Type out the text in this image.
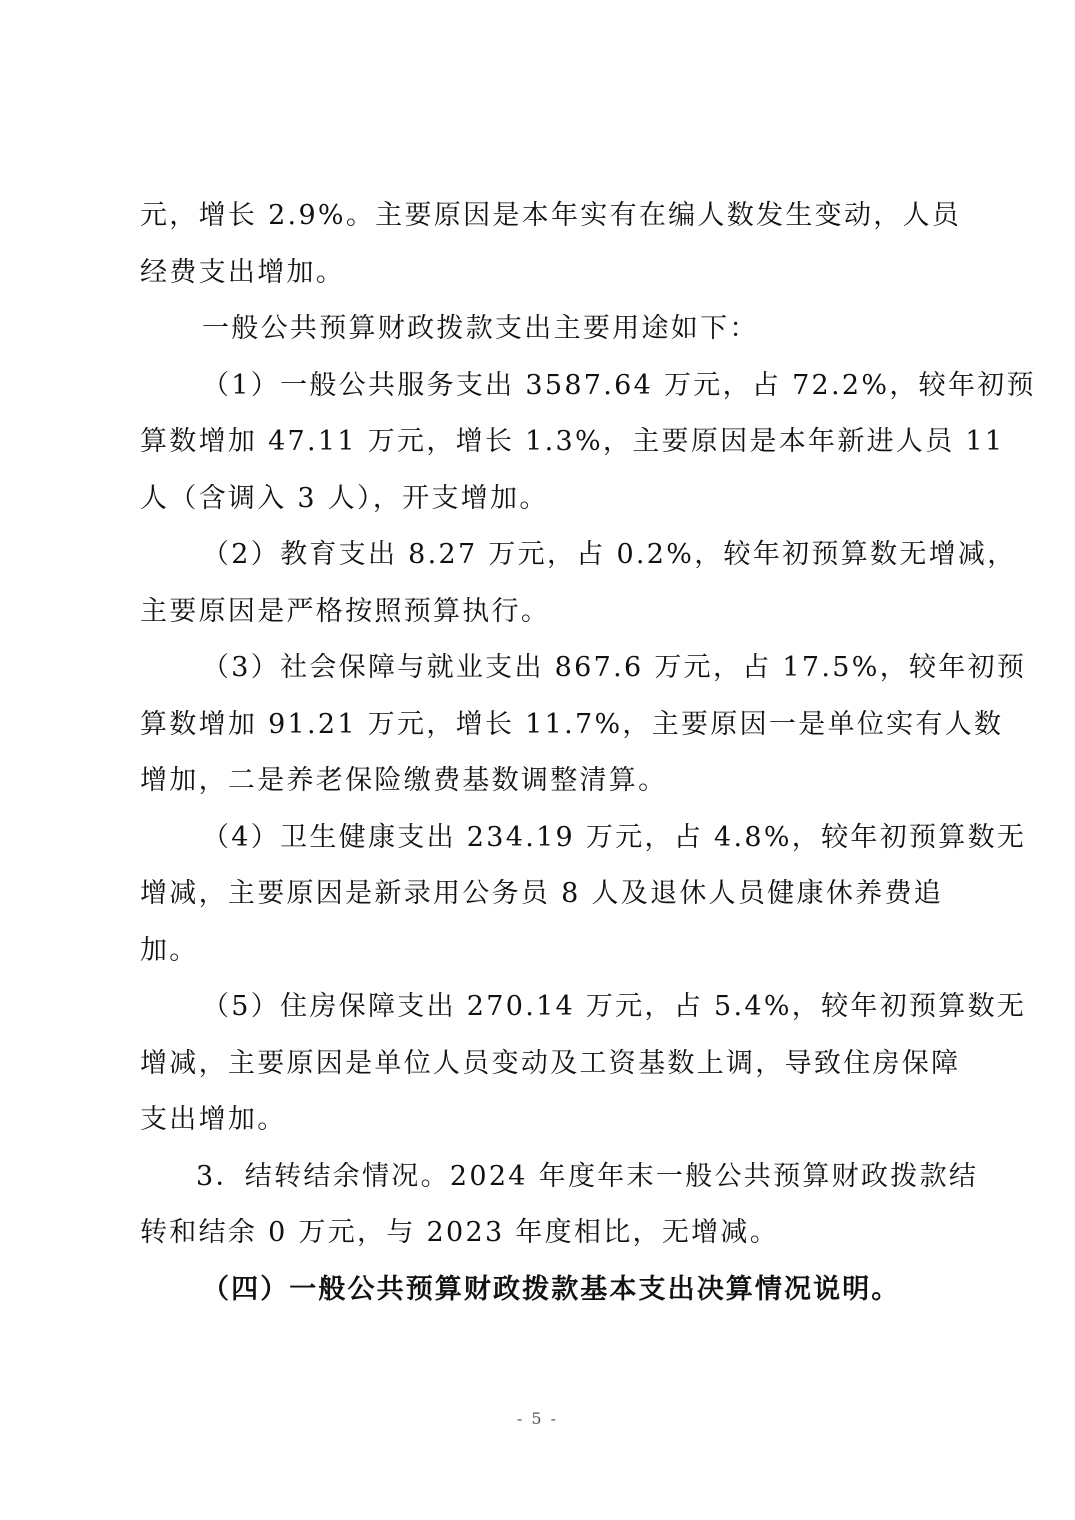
元，增长 2.9%。主要原因是本年实有在编人数发生变动，人员
经费支出增加。
一般公共预算财政拨款支出主要用途如下：
（1）一般公共服务支出 3587.64 万元，占 72.2%，较年初预
算数增加 47.11 万元，增长 1.3%，主要原因是本年新进人员 11
人（含调入 3 人），开支增加。
（2）教育支出 8.27 万元，占 0.2%，较年初预算数无增减，
主要原因是严格按照预算执行。
（3）社会保障与就业支出 867.6 万元，占 17.5%，较年初预
算数增加 91.21 万元，增长 11.7%，主要原因一是单位实有人数
增加，二是养老保险缴费基数调整清算。
（4）卫生健康支出 234.19 万元，占 4.8%，较年初预算数无
增减，主要原因是新录用公务员 8 人及退休人员健康休养费追
加。
（5）住房保障支出 270.14 万元，占 5.4%，较年初预算数无
增减，主要原因是单位人员变动及工资基数上调，导致住房保障
支出增加。
3．结转结余情况。2024 年度年末一般公共预算财政拨款结
转和结余 0 万元，与 2023 年度相比，无增减。
（四）一般公共预算财政拨款基本支出决算情况说明。
- 5 -
